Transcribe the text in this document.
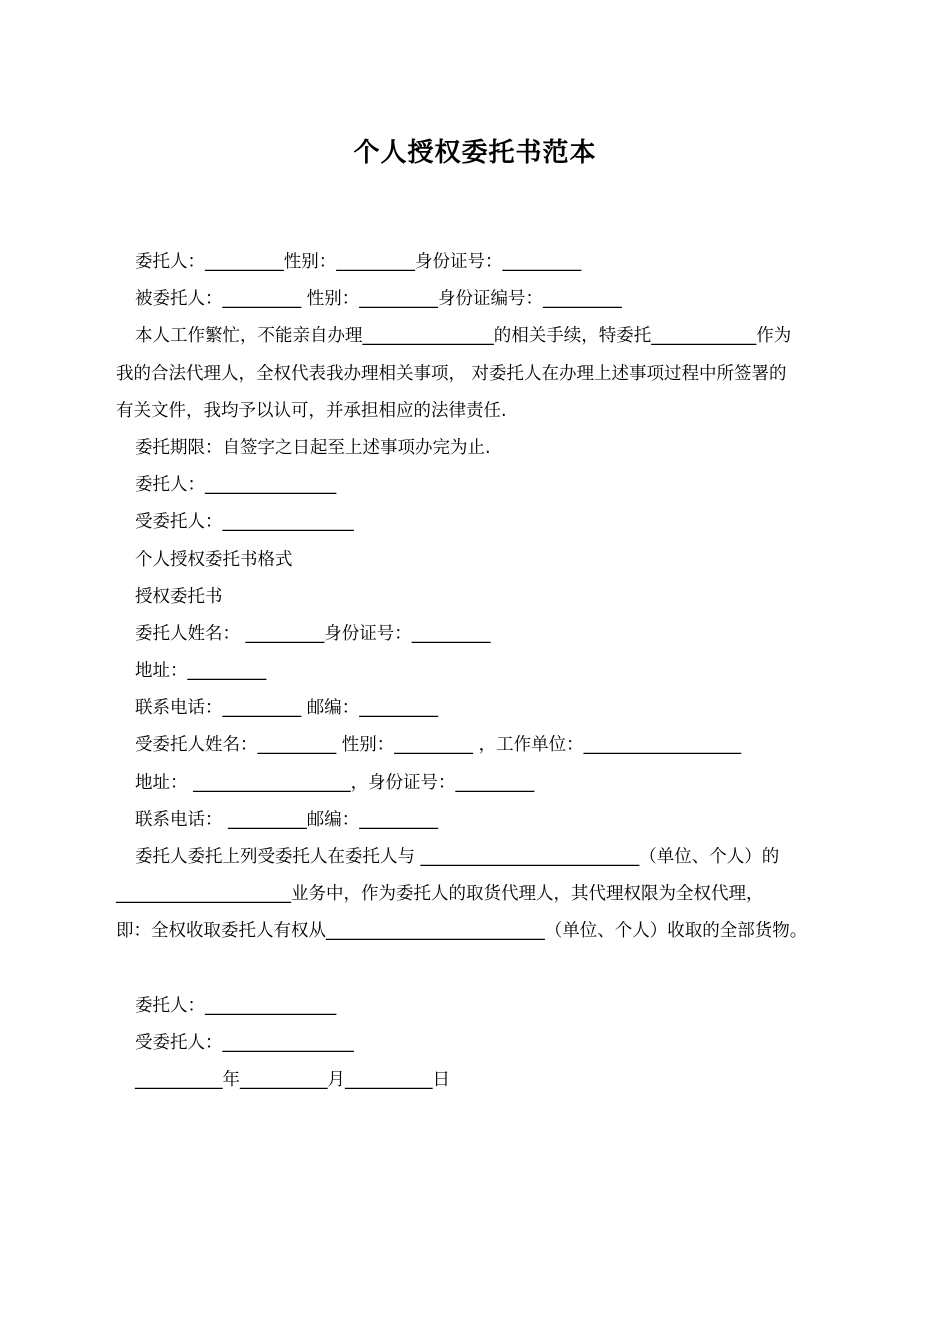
个人授权委托书范本
委托人：_________性别：_________身份证号：_________
被委托人：_________ 性别：_________身份证编号：_________
本人工作繁忙，不能亲自办理_______________的相关手续，特委托____________作为
我的合法代理人，全权代表我办理相关事项， 对委托人在办理上述事项过程中所签署的
有关文件，我均予以认可，并承担相应的法律责任.
委托期限：自签字之日起至上述事项办完为止.
委托人：_______________
受委托人：_______________
个人授权委托书格式
授权委托书
委托人姓名： _________身份证号：_________
地址：_________
联系电话：_________ 邮编：_________
受委托人姓名：_________ 性别：_________ ，工作单位：__________________
地址： __________________，身份证号：_________
联系电话： _________邮编：_________
委托人委托上列受委托人在委托人与 _________________________（单位、个人）的
____________________业务中，作为委托人的取货代理人，其代理权限为全权代理，
即：全权收取委托人有权从_________________________（单位、个人）收取的全部货物。
委托人：_______________
受委托人：_______________
__________年__________月__________日
